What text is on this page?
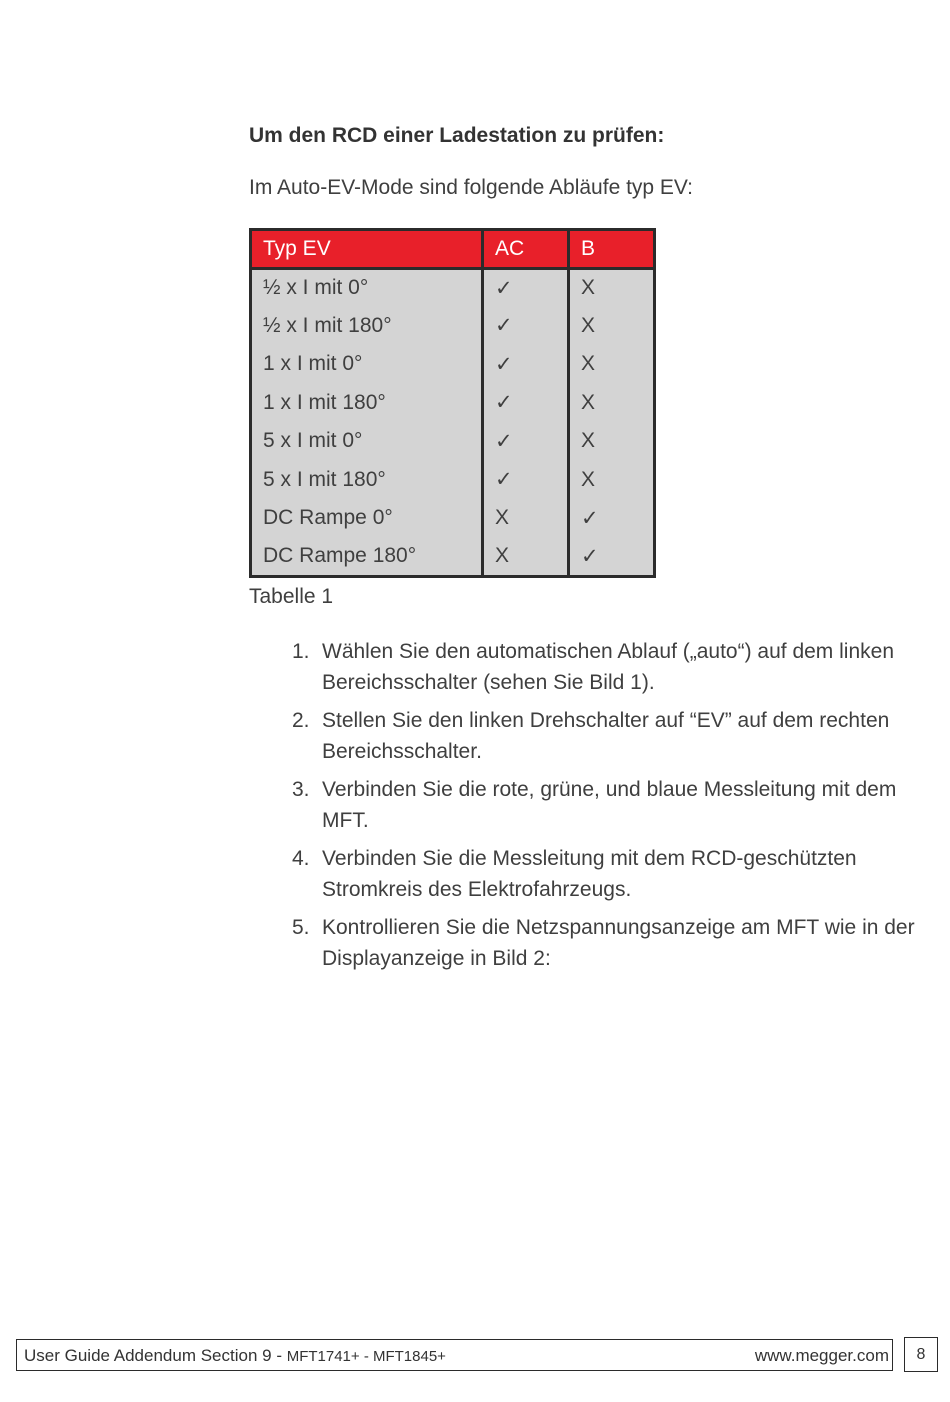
Um den RCD einer Ladestation zu prüfen:
Im Auto-EV-Mode sind folgende Abläufe typ EV:
Typ EV	AC	B
½ x I mit 0°	✓	X
½ x I mit 180°	✓	X
1 x I mit 0°	✓	X
1 x I mit 180°	✓	X
5 x I mit 0°	✓	X
5 x I mit 180°	✓	X
DC Rampe 0°	X	✓
DC Rampe 180°	X	✓
Tabelle 1
1. Wählen Sie den automatischen Ablauf („auto“) auf dem linken Bereichsschalter (sehen Sie Bild 1).
2. Stellen Sie den linken Drehschalter auf “EV” auf dem rechten Bereichsschalter.
3. Verbinden Sie die rote, grüne, und blaue Messleitung mit dem MFT.
4. Verbinden Sie die Messleitung mit dem RCD-geschützten Stromkreis des Elektrofahrzeugs.
5. Kontrollieren Sie die Netzspannungsanzeige am MFT wie in der Displayanzeige in Bild 2:
User Guide Addendum Section 9 - MFT1741+ - MFT1845+	www.megger.com	8
